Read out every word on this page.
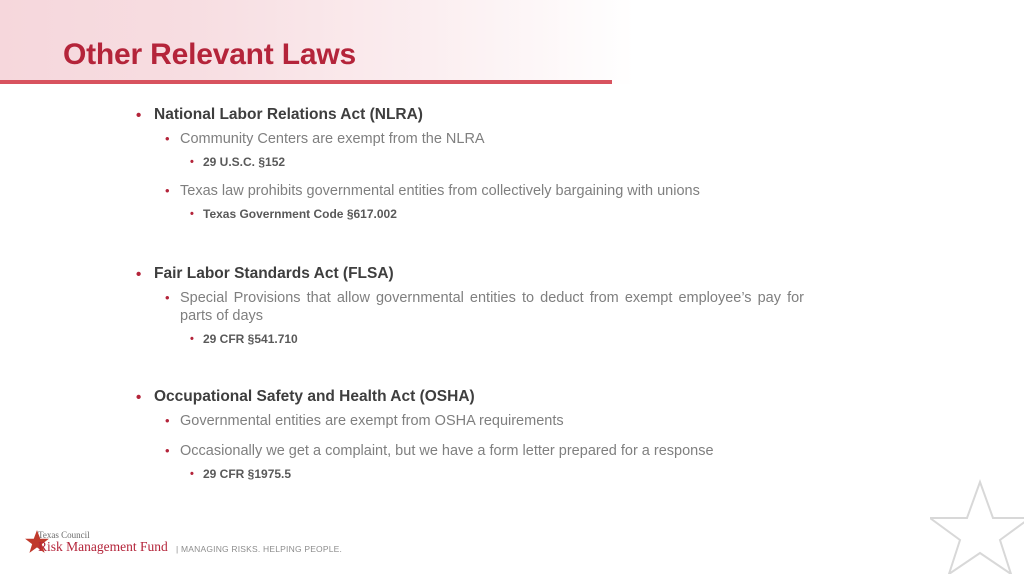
Other Relevant Laws
• National Labor Relations Act (NLRA)
• Community Centers are exempt from the NLRA
• 29 U.S.C. §152
• Texas law prohibits governmental entities from collectively bargaining with unions
• Texas Government Code §617.002
• Fair Labor Standards Act (FLSA)
• Special Provisions that allow governmental entities to deduct from exempt employee’s pay for parts of days
• 29 CFR §541.710
• Occupational Safety and Health Act (OSHA)
• Governmental entities are exempt from OSHA requirements
• Occasionally we get a complaint, but we have a form letter prepared for a response
• 29 CFR §1975.5
Texas Council
Risk Management Fund | MANAGING RISKS. HELPING PEOPLE.
